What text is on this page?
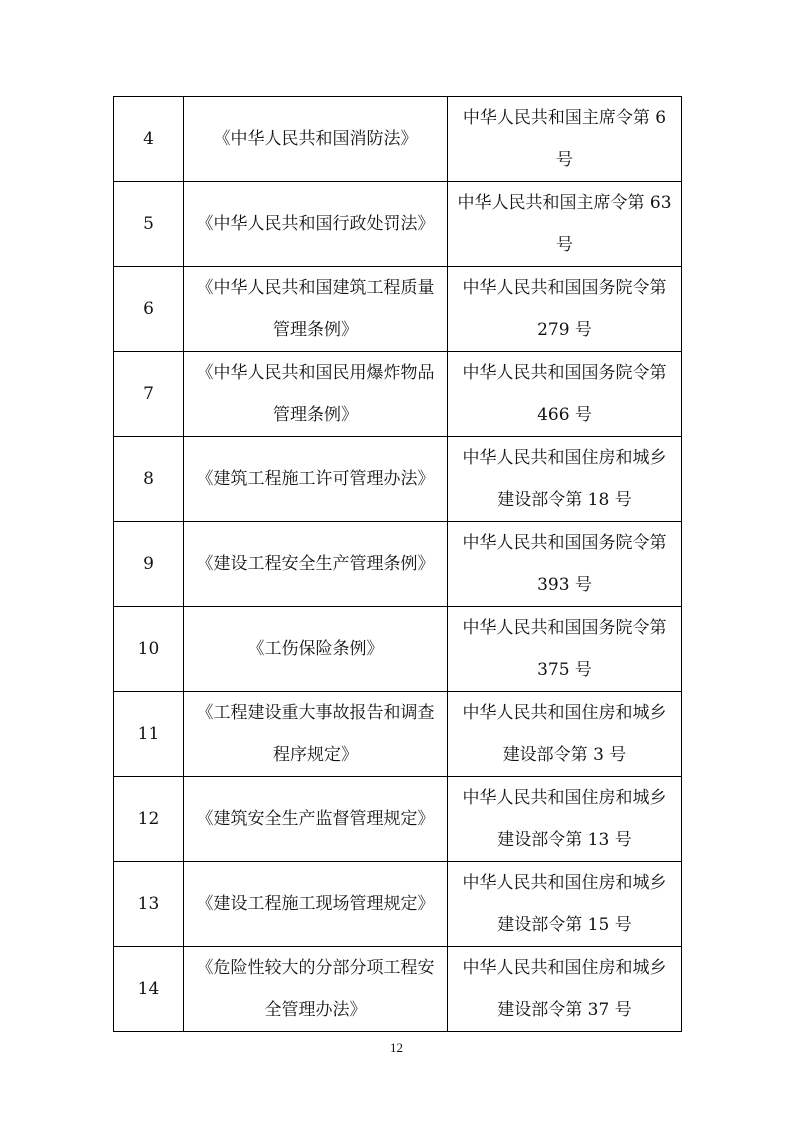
4	《中华人民共和国消防法》	中华人民共和国主席令第 6 号

5	《中华人民共和国行政处罚法》	中华人民共和国主席令第 63 号

6	《中华人民共和国建筑工程质量管理条例》	中华人民共和国国务院令第 279 号

7	《中华人民共和国民用爆炸物品管理条例》	中华人民共和国国务院令第 466 号

8	《建筑工程施工许可管理办法》	中华人民共和国住房和城乡建设部令第 18 号

9	《建设工程安全生产管理条例》	中华人民共和国国务院令第 393 号

10	《工伤保险条例》	中华人民共和国国务院令第 375 号

11	《工程建设重大事故报告和调查程序规定》	中华人民共和国住房和城乡建设部令第 3 号

12	《建筑安全生产监督管理规定》	中华人民共和国住房和城乡建设部令第 13 号

13	《建设工程施工现场管理规定》	中华人民共和国住房和城乡建设部令第 15 号

14	《危险性较大的分部分项工程安全管理办法》	中华人民共和国住房和城乡建设部令第 37 号
12
